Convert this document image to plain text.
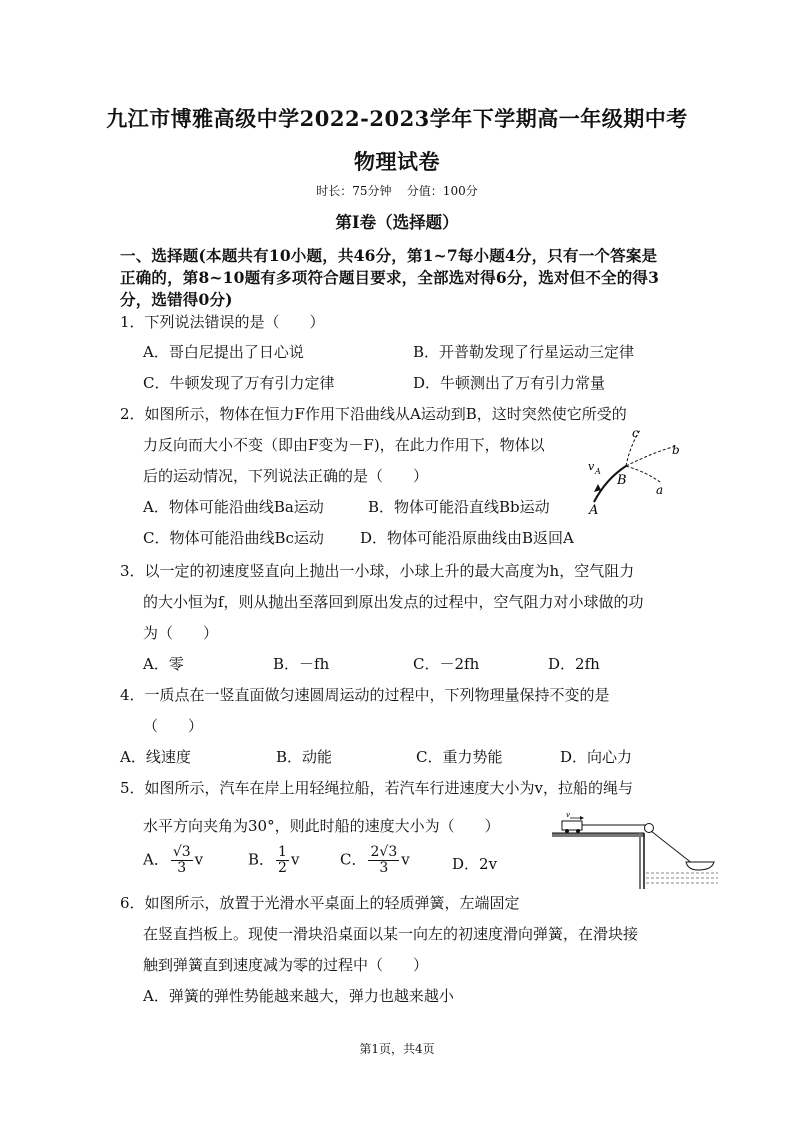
九江市博雅高级中学2022-2023学年下学期高一年级期中考
物理试卷
时长：75分钟    分值：100分
第Ⅰ卷（选择题）
一、选择题(本题共有10小题，共46分，第1~7每小题4分，只有一个答案是
正确的，第8~10题有多项符合题目要求，全部选对得6分，选对但不全的得3
分，选错得0分)
1．下列说法错误的是（　　）
A．哥白尼提出了日心说	B．开普勒发现了行星运动三定律
C．牛顿发现了万有引力定律	D．牛顿测出了万有引力常量
2．如图所示，物体在恒力F作用下沿曲线从A运动到B，这时突然使它所受的
力反向而大小不变（即由F变为－F)，在此力作用下，物体以
后的运动情况，下列说法正确的是（　　）
A．物体可能沿曲线Ba运动	B．物体可能沿直线Bb运动
C．物体可能沿曲线Bc运动 D．物体可能沿原曲线由B返回A
c
b
a
B
A
v A
3．以一定的初速度竖直向上抛出一小球，小球上升的最大高度为h，空气阻力
的大小恒为f，则从抛出至落回到原出发点的过程中，空气阻力对小球做的功
为（　　）
A．零	B．－fh	C．－2fh	D．2fh
4．一质点在一竖直面做匀速圆周运动的过程中，下列物理量保持不变的是
（　　）
A．线速度	B．动能	C．重力势能	D．向心力
5．如图所示，汽车在岸上用轻绳拉船，若汽车行进速度大小为v，拉船的绳与
水平方向夹角为30°，则此时船的速度大小为（　　）
A． $\frac{√3}{3}$ v	B． $\frac{1}{2}$ v	C． $\frac{2√3}{3}$ v	D．2v
v
6．如图所示，放置于光滑水平桌面上的轻质弹簧，左端固定
在竖直挡板上。现使一滑块沿桌面以某一向左的初速度滑向弹簧，在滑块接
触到弹簧直到速度减为零的过程中（　　）
A．弹簧的弹性势能越来越大，弹力也越来越小
第1页，共4页
